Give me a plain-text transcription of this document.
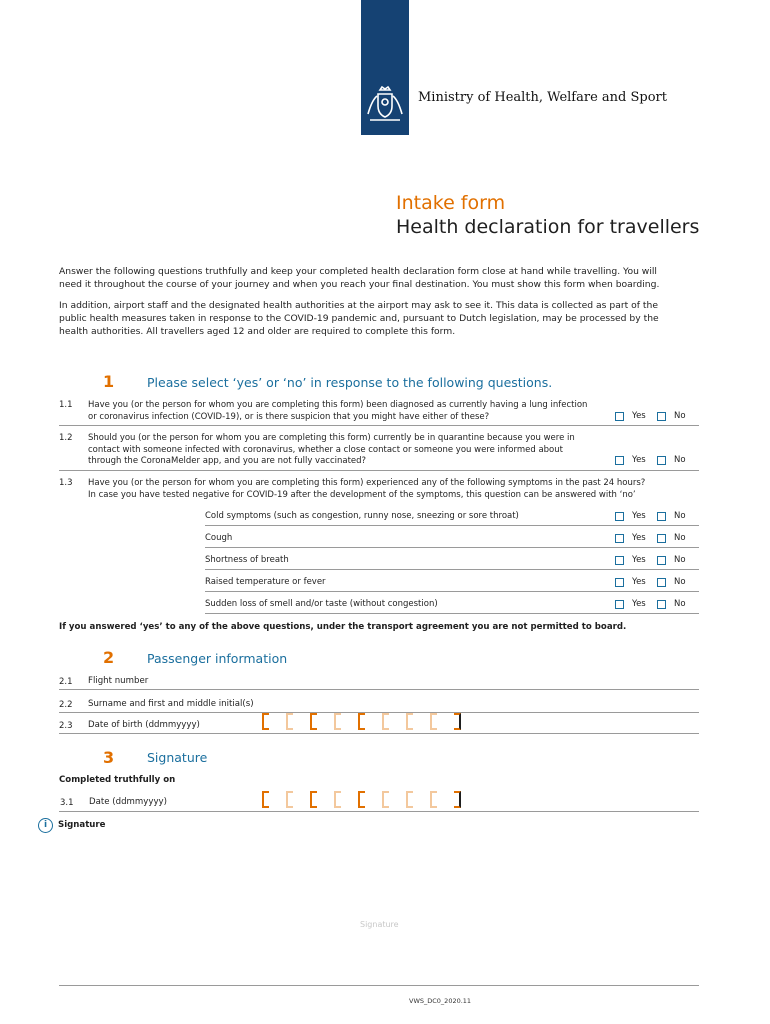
Ministry of Health, Welfare and Sport
Intake form
Health declaration for travellers
Answer the following questions truthfully and keep your completed health declaration form close at hand while travelling. You will need it throughout the course of your journey and when you reach your final destination. You must show this form when boarding.
In addition, airport staff and the designated health authorities at the airport may ask to see it. This data is collected as part of the public health measures taken in response to the COVID-19 pandemic and, pursuant to Dutch legislation, may be processed by the health authorities. All travellers aged 12 and older are required to complete this form.
1	Please select ‘yes’ or ‘no’ in response to the following questions.
1.1 Have you (or the person for whom you are completing this form) been diagnosed as currently having a lung infection or coronavirus infection (COVID-19), or is there suspicion that you might have either of these?	Yes	No
1.2 Should you (or the person for whom you are completing this form) currently be in quarantine because you were in contact with someone infected with coronavirus, whether a close contact or someone you were informed about through the CoronaMelder app, and you are not fully vaccinated?	Yes	No
1.3 Have you (or the person for whom you are completing this form) experienced any of the following symptoms in the past 24 hours? In case you have tested negative for COVID-19 after the development of the symptoms, this question can be answered with ‘no’
Cold symptoms (such as congestion, runny nose, sneezing or sore throat)	Yes	No
Cough	Yes	No
Shortness of breath	Yes	No
Raised temperature or fever	Yes	No
Sudden loss of smell and/or taste (without congestion)	Yes	No
If you answered ‘yes’ to any of the above questions, under the transport agreement you are not permitted to board.
2	Passenger information
2.1 Flight number
2.2 Surname and first and middle initial(s)
2.3 Date of birth (ddmmyyyy)
3	Signature
Completed truthfully on
3.1 Date (ddmmyyyy)
i	Signature
Signature
VWS_DC0_2020.11
